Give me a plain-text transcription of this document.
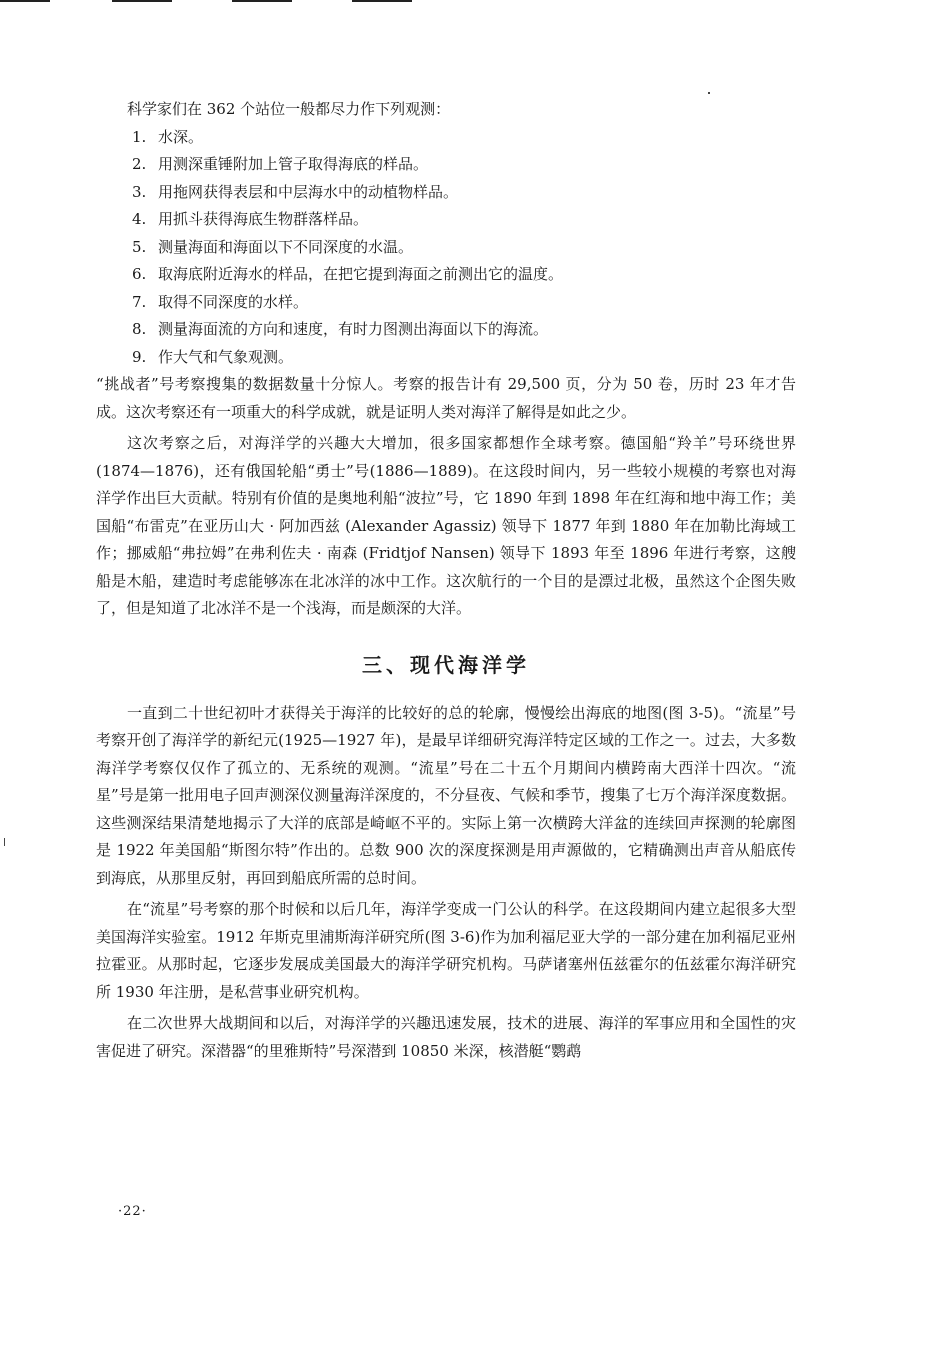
科学家们在 362 个站位一般都尽力作下列观测：

1. 水深。
2. 用测深重锤附加上管子取得海底的样品。
3. 用拖网获得表层和中层海水中的动植物样品。
4. 用抓斗获得海底生物群落样品。
5. 测量海面和海面以下不同深度的水温。
6. 取海底附近海水的样品，在把它提到海面之前测出它的温度。
7. 取得不同深度的水样。
8. 测量海面流的方向和速度，有时力图测出海面以下的海流。
9. 作大气和气象观测。

“挑战者”号考察搜集的数据数量十分惊人。考察的报告计有 29,500 页，分为 50 卷，历时 23 年才告成。这次考察还有一项重大的科学成就，就是证明人类对海洋了解得是如此之少。

这次考察之后，对海洋学的兴趣大大增加，很多国家都想作全球考察。德国船“羚羊”号环绕世界(1874—1876)，还有俄国轮船“勇士”号(1886—1889)。在这段时间内，另一些较小规模的考察也对海洋学作出巨大贡献。特别有价值的是奥地利船“波拉”号，它 1890 年到 1898 年在红海和地中海工作；美国船“布雷克”在亚历山大 · 阿加西兹 (Alexander Agassiz) 领导下 1877 年到 1880 年在加勒比海域工作；挪威船“弗拉姆”在弗利佐夫 · 南森 (Fridtjof Nansen) 领导下 1893 年至 1896 年进行考察，这艘船是木船，建造时考虑能够冻在北冰洋的冰中工作。这次航行的一个目的是漂过北极，虽然这个企图失败了，但是知道了北冰洋不是一个浅海，而是颇深的大洋。

三、现代海洋学

一直到二十世纪初叶才获得关于海洋的比较好的总的轮廓，慢慢绘出海底的地图(图 3-5)。“流星”号考察开创了海洋学的新纪元(1925—1927 年)，是最早详细研究海洋特定区域的工作之一。过去，大多数海洋学考察仅仅作了孤立的、无系统的观测。“流星”号在二十五个月期间内横跨南大西洋十四次。“流星”号是第一批用电子回声测深仪测量海洋深度的，不分昼夜、气候和季节，搜集了七万个海洋深度数据。这些测深结果清楚地揭示了大洋的底部是崎岖不平的。实际上第一次横跨大洋盆的连续回声探测的轮廓图是 1922 年美国船“斯图尔特”作出的。总数 900 次的深度探测是用声源做的，它精确测出声音从船底传到海底，从那里反射，再回到船底所需的总时间。

在“流星”号考察的那个时候和以后几年，海洋学变成一门公认的科学。在这段期间内建立起很多大型美国海洋实验室。1912 年斯克里浦斯海洋研究所(图 3-6)作为加利福尼亚大学的一部分建在加利福尼亚州拉霍亚。从那时起，它逐步发展成美国最大的海洋学研究机构。马萨诸塞州伍兹霍尔的伍兹霍尔海洋研究所 1930 年注册，是私营事业研究机构。

在二次世界大战期间和以后，对海洋学的兴趣迅速发展，技术的进展、海洋的军事应用和全国性的灾害促进了研究。深潜器“的里雅斯特”号深潜到 10850 米深，核潜艇“鹦鹉

·22·
